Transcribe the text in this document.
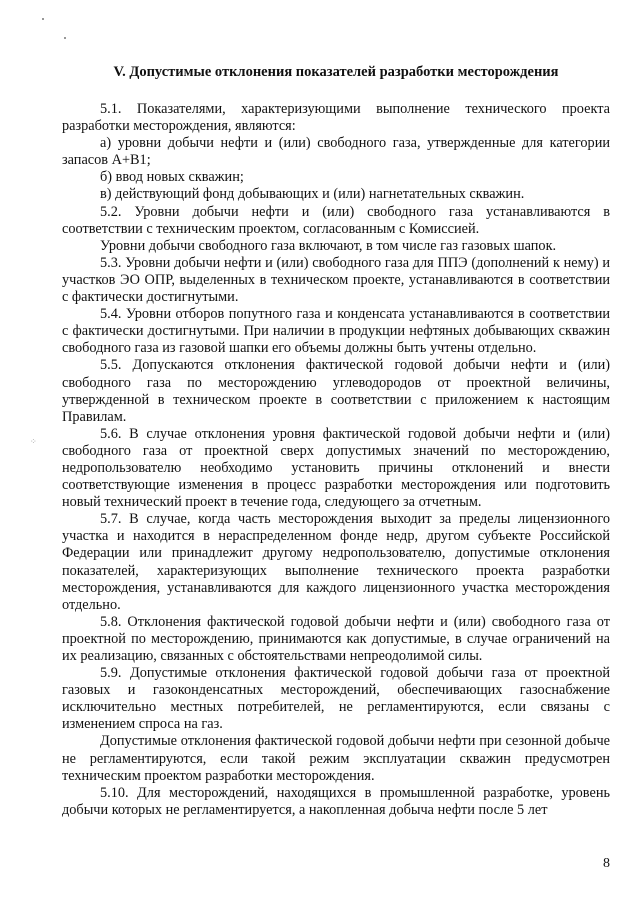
⁘
V. Допустимые отклонения показателей разработки месторождения

5.1. Показателями, характеризующими выполнение технического проекта разработки месторождения, являются:

а) уровни добычи нефти и (или) свободного газа, утвержденные для категории запасов А+В1;

б) ввод новых скважин;

в) действующий фонд добывающих и (или) нагнетательных скважин.

5.2. Уровни добычи нефти и (или) свободного газа устанавливаются в соответствии с техническим проектом, согласованным с Комиссией.

Уровни добычи свободного газа включают, в том числе газ газовых шапок.

5.3. Уровни добычи нефти и (или) свободного газа для ППЭ (дополнений к нему) и участков ЭО ОПР, выделенных в техническом проекте, устанавливаются в соответствии с фактически достигнутыми.

5.4. Уровни отборов попутного газа и конденсата устанавливаются в соответствии с фактически достигнутыми. При наличии в продукции нефтяных добывающих скважин свободного газа из газовой шапки его объемы должны быть учтены отдельно.

5.5. Допускаются отклонения фактической годовой добычи нефти и (или) свободного газа по месторождению углеводородов от проектной величины, утвержденной в техническом проекте в соответствии с приложением к настоящим Правилам.

5.6. В случае отклонения уровня фактической годовой добычи нефти и (или) свободного газа от проектной сверх допустимых значений по месторождению, недропользователю необходимо установить причины отклонений и внести соответствующие изменения в процесс разработки месторождения или подготовить новый технический проект в течение года, следующего за отчетным.

5.7. В случае, когда часть месторождения выходит за пределы лицензионного участка и находится в нераспределенном фонде недр, другом субъекте Российской Федерации или принадлежит другому недропользователю, допустимые отклонения показателей, характеризующих выполнение технического проекта разработки месторождения, устанавливаются для каждого лицензионного участка месторождения отдельно.

5.8. Отклонения фактической годовой добычи нефти и (или) свободного газа от проектной по месторождению, принимаются как допустимые, в случае ограничений на их реализацию, связанных с обстоятельствами непреодолимой силы.

5.9. Допустимые отклонения фактической годовой добычи газа от проектной газовых и газоконденсатных месторождений, обеспечивающих газоснабжение исключительно местных потребителей, не регламентируются, если связаны с изменением спроса на газ.

Допустимые отклонения фактической годовой добычи нефти при сезонной добыче не регламентируются, если такой режим эксплуатации скважин предусмотрен техническим проектом разработки месторождения.

5.10. Для месторождений, находящихся в промышленной разработке, уровень добычи которых не регламентируется, а накопленная добыча нефти после 5 лет

8
